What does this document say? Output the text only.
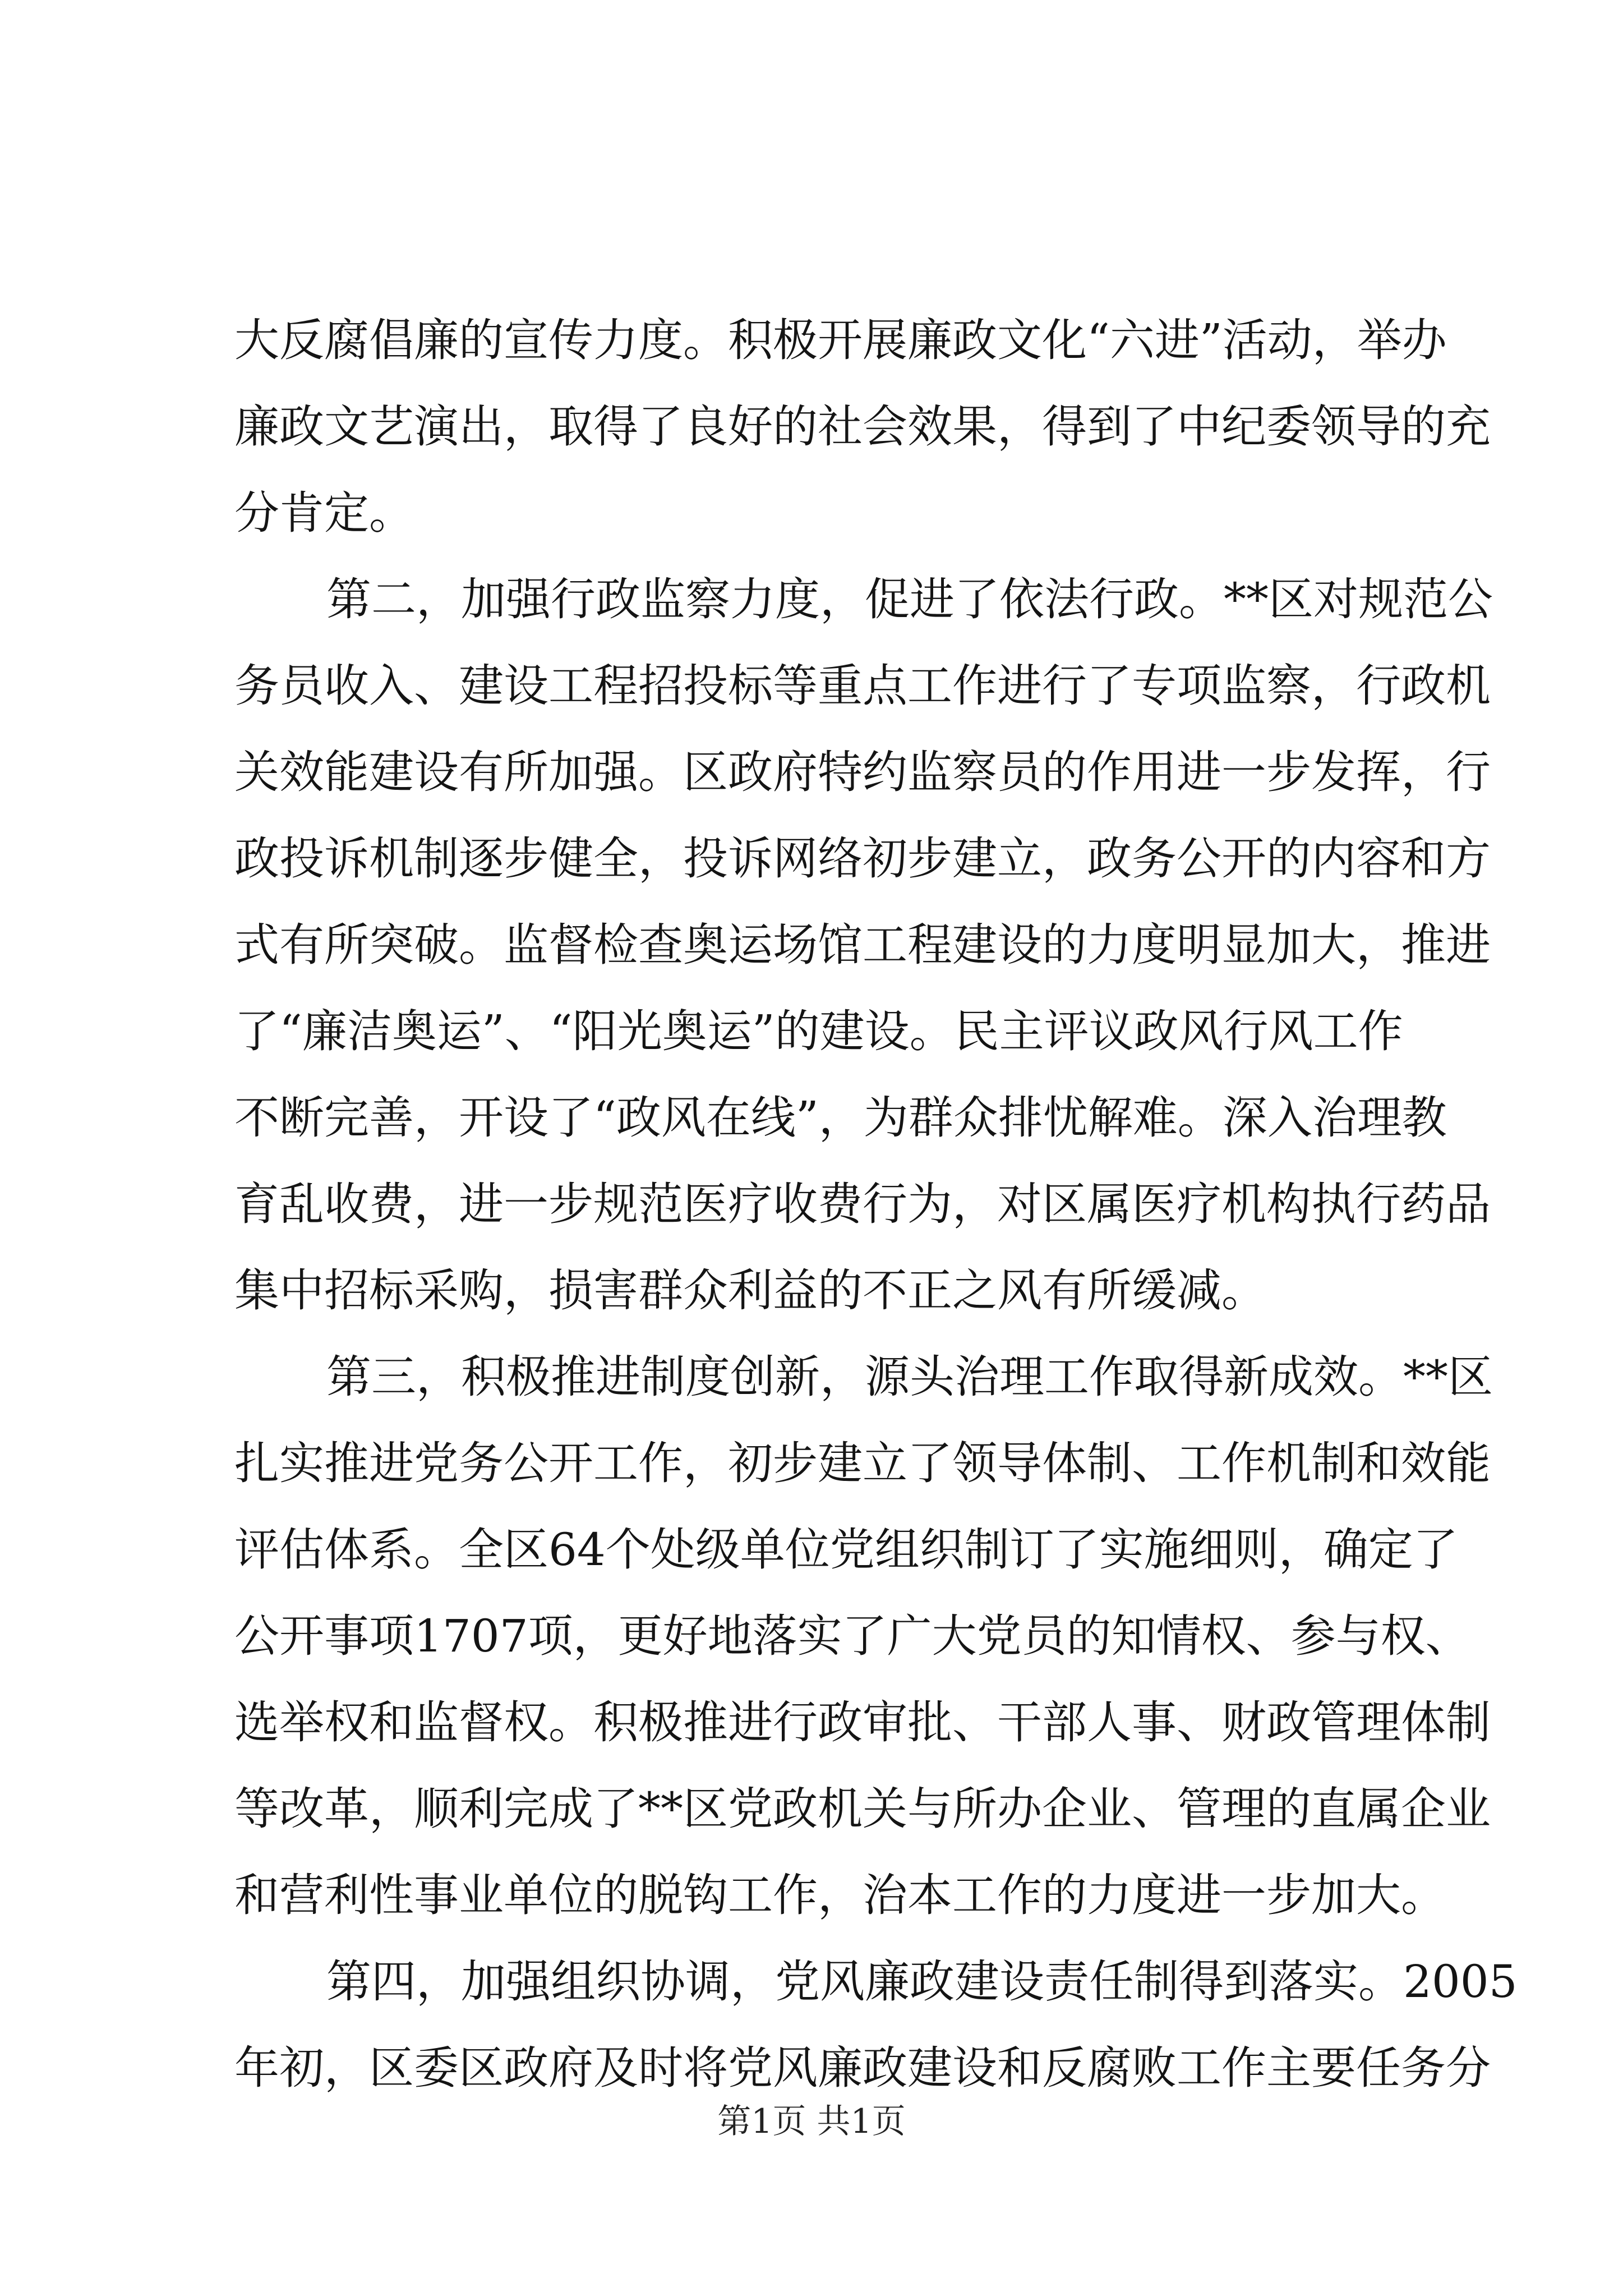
大反腐倡廉的宣传力度。积极开展廉政文化“六进”活动，举办

廉政文艺演出，取得了良好的社会效果，得到了中纪委领导的充

分肯定。

第二，加强行政监察力度，促进了依法行政。**区对规范公

务员收入、建设工程招投标等重点工作进行了专项监察，行政机

关效能建设有所加强。区政府特约监察员的作用进一步发挥，行

政投诉机制逐步健全，投诉网络初步建立，政务公开的内容和方

式有所突破。监督检查奥运场馆工程建设的力度明显加大，推进

了“廉洁奥运”、“阳光奥运”的建设。民主评议政风行风工作

不断完善，开设了“政风在线”，为群众排忧解难。深入治理教

育乱收费，进一步规范医疗收费行为，对区属医疗机构执行药品

集中招标采购，损害群众利益的不正之风有所缓减。

第三，积极推进制度创新，源头治理工作取得新成效。**区

扎实推进党务公开工作，初步建立了领导体制、工作机制和效能

评估体系。全区64个处级单位党组织制订了实施细则，确定了

公开事项1707项，更好地落实了广大党员的知情权、参与权、

选举权和监督权。积极推进行政审批、干部人事、财政管理体制

等改革，顺利完成了**区党政机关与所办企业、管理的直属企业

和营利性事业单位的脱钩工作，治本工作的力度进一步加大。

第四，加强组织协调，党风廉政建设责任制得到落实。2005

年初，区委区政府及时将党风廉政建设和反腐败工作主要任务分

第1页 共1页
